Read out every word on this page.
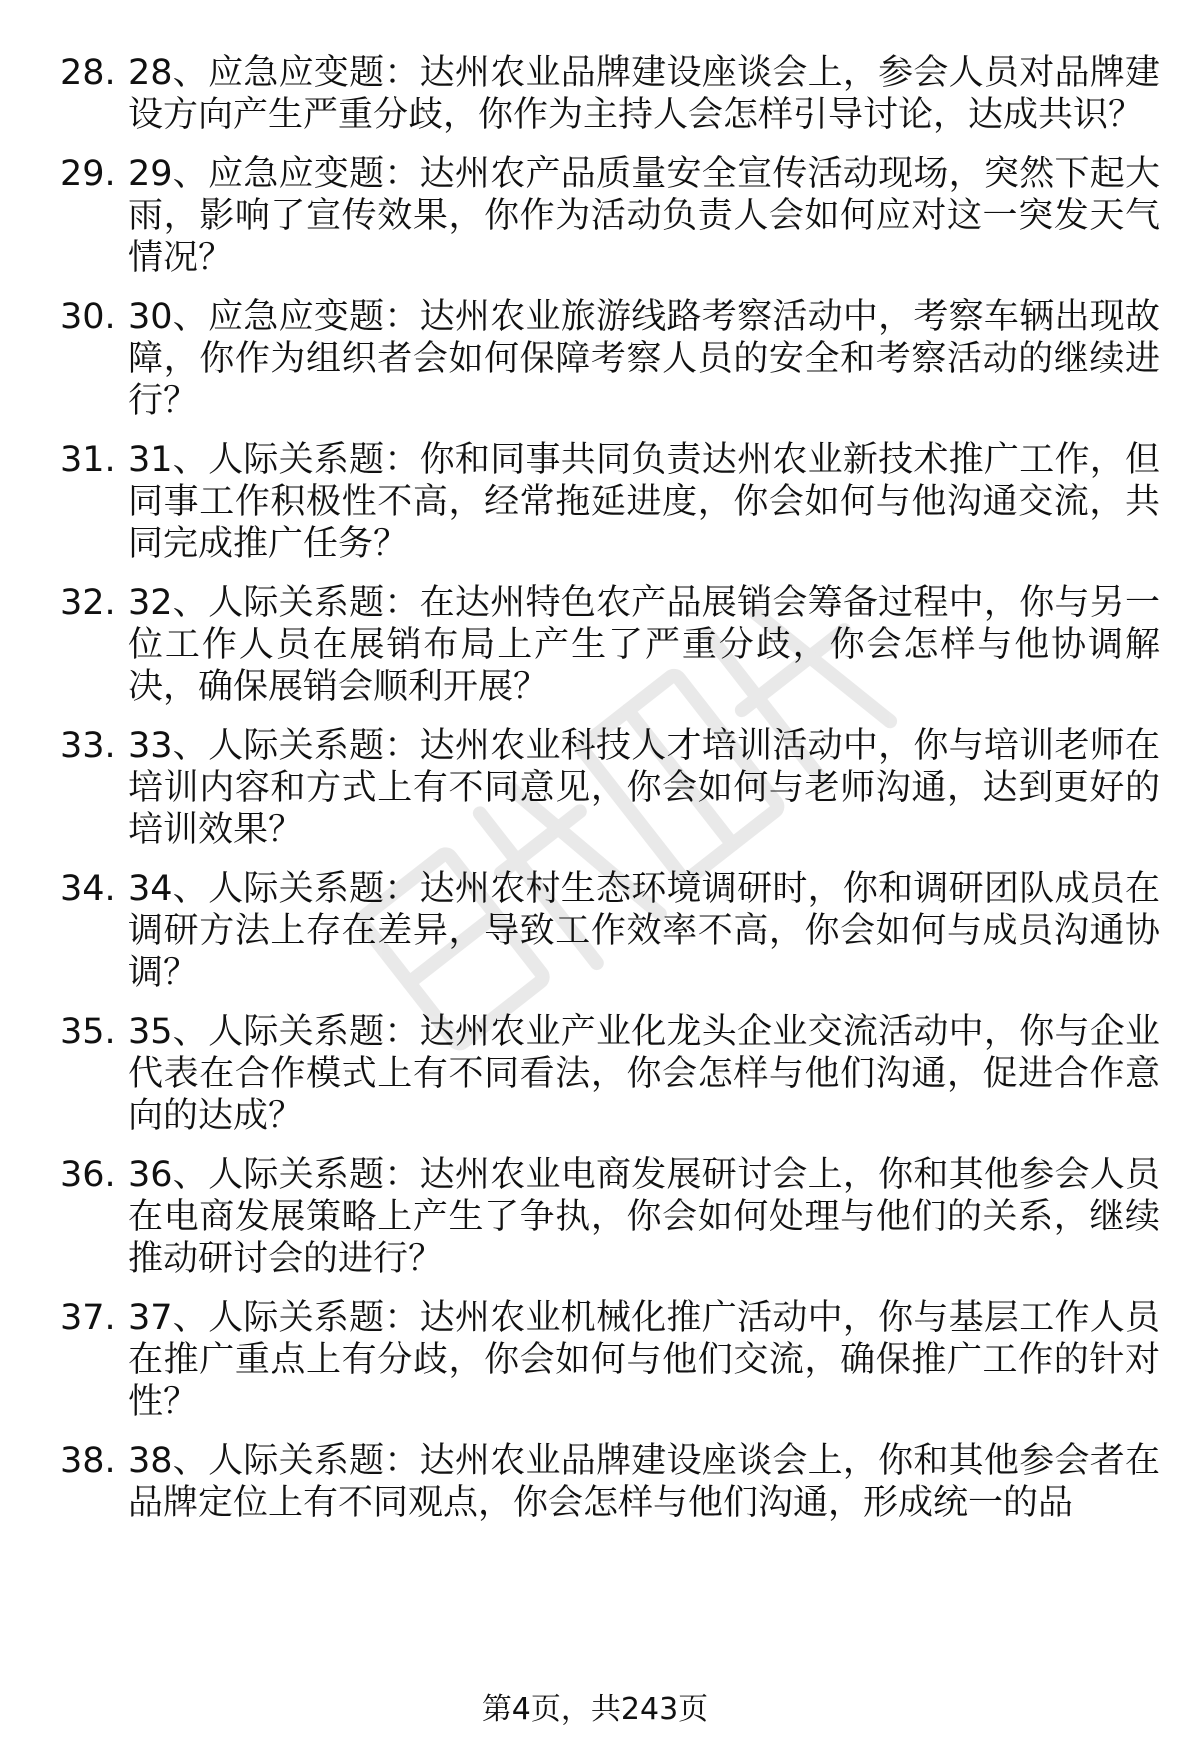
28. 28、应急应变题：达州农业品牌建设座谈会上，参会人员对品牌建设方向产生严重分歧，你作为主持人会怎样引导讨论，达成共识？
29. 29、应急应变题：达州农产品质量安全宣传活动现场，突然下起大雨，影响了宣传效果，你作为活动负责人会如何应对这一突发天气情况？
30. 30、应急应变题：达州农业旅游线路考察活动中，考察车辆出现故障，你作为组织者会如何保障考察人员的安全和考察活动的继续进行？
31. 31、人际关系题：你和同事共同负责达州农业新技术推广工作，但同事工作积极性不高，经常拖延进度，你会如何与他沟通交流，共同完成推广任务？
32. 32、人际关系题：在达州特色农产品展销会筹备过程中，你与另一位工作人员在展销布局上产生了严重分歧，你会怎样与他协调解决，确保展销会顺利开展？
33. 33、人际关系题：达州农业科技人才培训活动中，你与培训老师在培训内容和方式上有不同意见，你会如何与老师沟通，达到更好的培训效果？
34. 34、人际关系题：达州农村生态环境调研时，你和调研团队成员在调研方法上存在差异，导致工作效率不高，你会如何与成员沟通协调？
35. 35、人际关系题：达州农业产业化龙头企业交流活动中，你与企业代表在合作模式上有不同看法，你会怎样与他们沟通，促进合作意向的达成？
36. 36、人际关系题：达州农业电商发展研讨会上，你和其他参会人员在电商发展策略上产生了争执，你会如何处理与他们的关系，继续推动研讨会的进行？
37. 37、人际关系题：达州农业机械化推广活动中，你与基层工作人员在推广重点上有分歧，你会如何与他们交流，确保推广工作的针对性？
38. 38、人际关系题：达州农业品牌建设座谈会上，你和其他参会者在品牌定位上有不同观点，你会怎样与他们沟通，形成统一的品
第4页，共243页
